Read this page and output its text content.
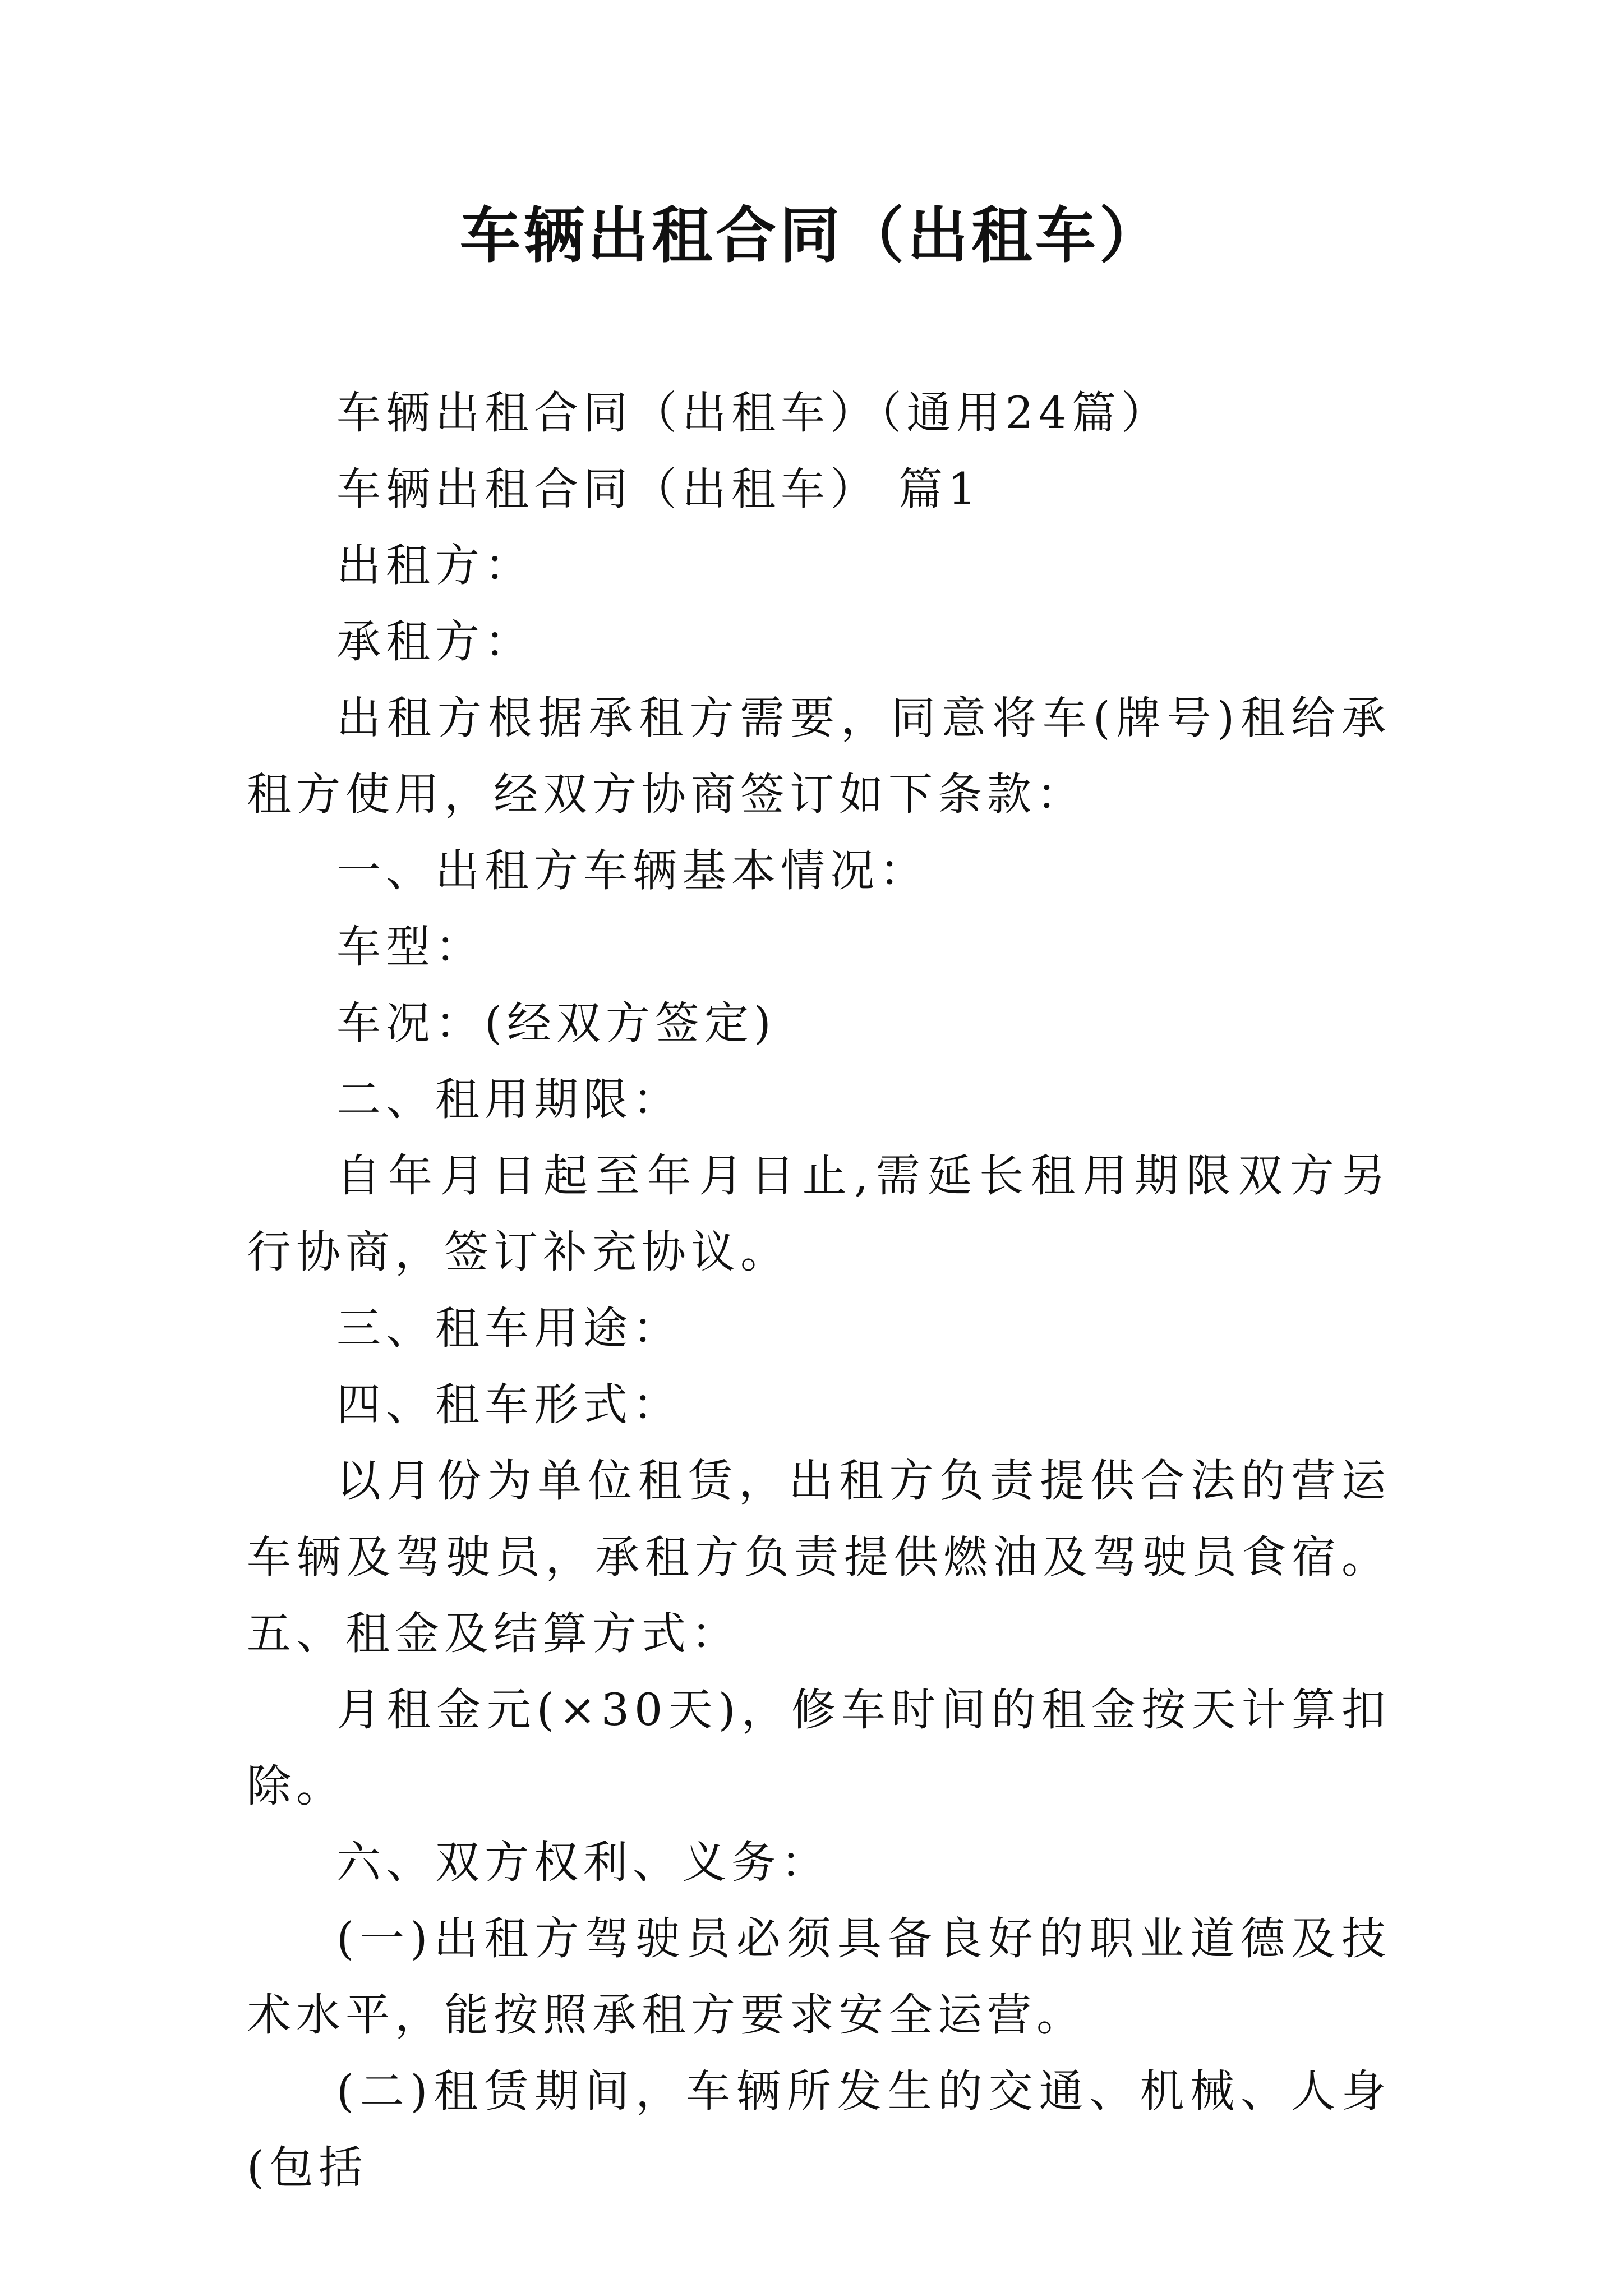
车辆出租合同（出租车）

车辆出租合同（出租车）（通用24篇）

车辆出租合同（出租车） 篇1

出租方：

承租方：

出租方根据承租方需要，同意将车(牌号)租给承租方使用，经双方协商签订如下条款：

一、出租方车辆基本情况：

车型：

车况：(经双方签定)

二、租用期限：

自年月日起至年月日止,需延长租用期限双方另行协商，签订补充协议。

三、租车用途：

四、租车形式：

以月份为单位租赁，出租方负责提供合法的营运车辆及驾驶员，承租方负责提供燃油及驾驶员食宿。五、租金及结算方式：

月租金元(×30天)，修车时间的租金按天计算扣除。

六、双方权利、义务：

(一)出租方驾驶员必须具备良好的职业道德及技术水平，能按照承租方要求安全运营。

(二)租赁期间，车辆所发生的交通、机械、人身(包括
